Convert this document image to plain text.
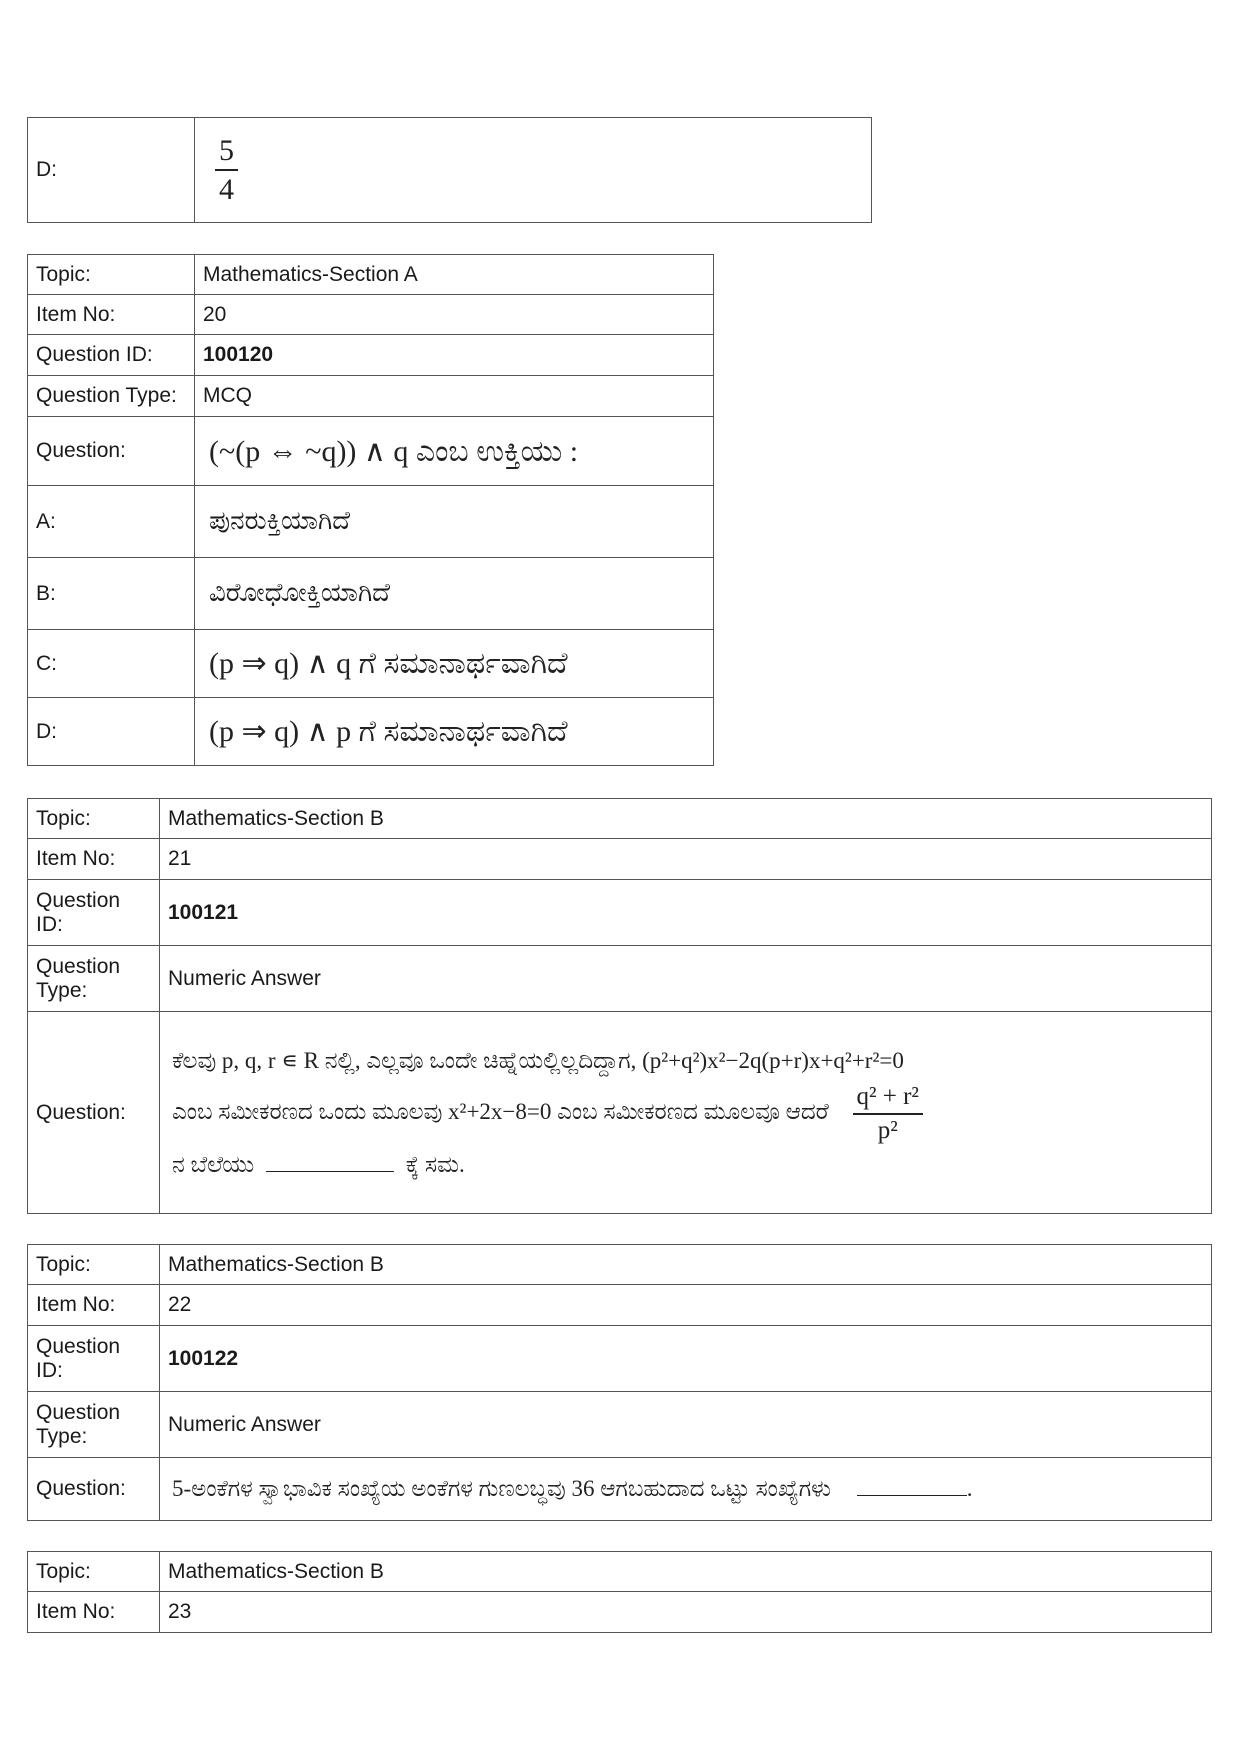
D:	$\frac{5}{4}$
Topic:	Mathematics-Section A
Item No:	20
Question ID:	100120
Question Type:	MCQ
Question:	(~(p ⇔ ~q)) ∧ q ಎಂಬ ಉಕ್ತಿಯು :
A:	ಪುನರುಕ್ತಿಯಾಗಿದೆ
B:	ವಿರೋಧೋಕ್ತಿಯಾಗಿದೆ
C:	(p ⇒ q) ∧ q ಗೆ ಸಮಾನಾರ್ಥವಾಗಿದೆ
D:	(p ⇒ q) ∧ p ಗೆ ಸಮಾನಾರ್ಥವಾಗಿದೆ
Topic:	Mathematics-Section B
Item No:	21
Question ID:	100121
Question Type:	Numeric Answer
Question:	ಕೆಲವು p, q, r ∊ R ನಲ್ಲಿ, ಎಲ್ಲವೂ ಒಂದೇ ಚಿಹ್ನೆಯಲ್ಲಿಲ್ಲದಿದ್ದಾಗ, (p²+q²)x²−2q(p+r)x+q²+r²=0
ಎಂಬ ಸಮೀಕರಣದ ಒಂದು ಮೂಲವು x²+2x−8=0 ಎಂಬ ಸಮೀಕರಣದ ಮೂಲವೂ ಆದರೆ $\frac{\text{q² + r²}}{\text{p²}}$
ನ ಬೆಲೆಯು ಕ್ಕೆ ಸಮ.
Topic:	Mathematics-Section B
Item No:	22
Question ID:	100122
Question Type:	Numeric Answer
Question:	5-ಅಂಕೆಗಳ ಸ್ವಾಭಾವಿಕ ಸಂಖ್ಯೆಯ ಅಂಕೆಗಳ ಗುಣಲಬ್ಧವು 36 ಆಗಬಹುದಾದ ಒಟ್ಟು ಸಂಖ್ಯೆಗಳು .
Topic:	Mathematics-Section B
Item No:	23
